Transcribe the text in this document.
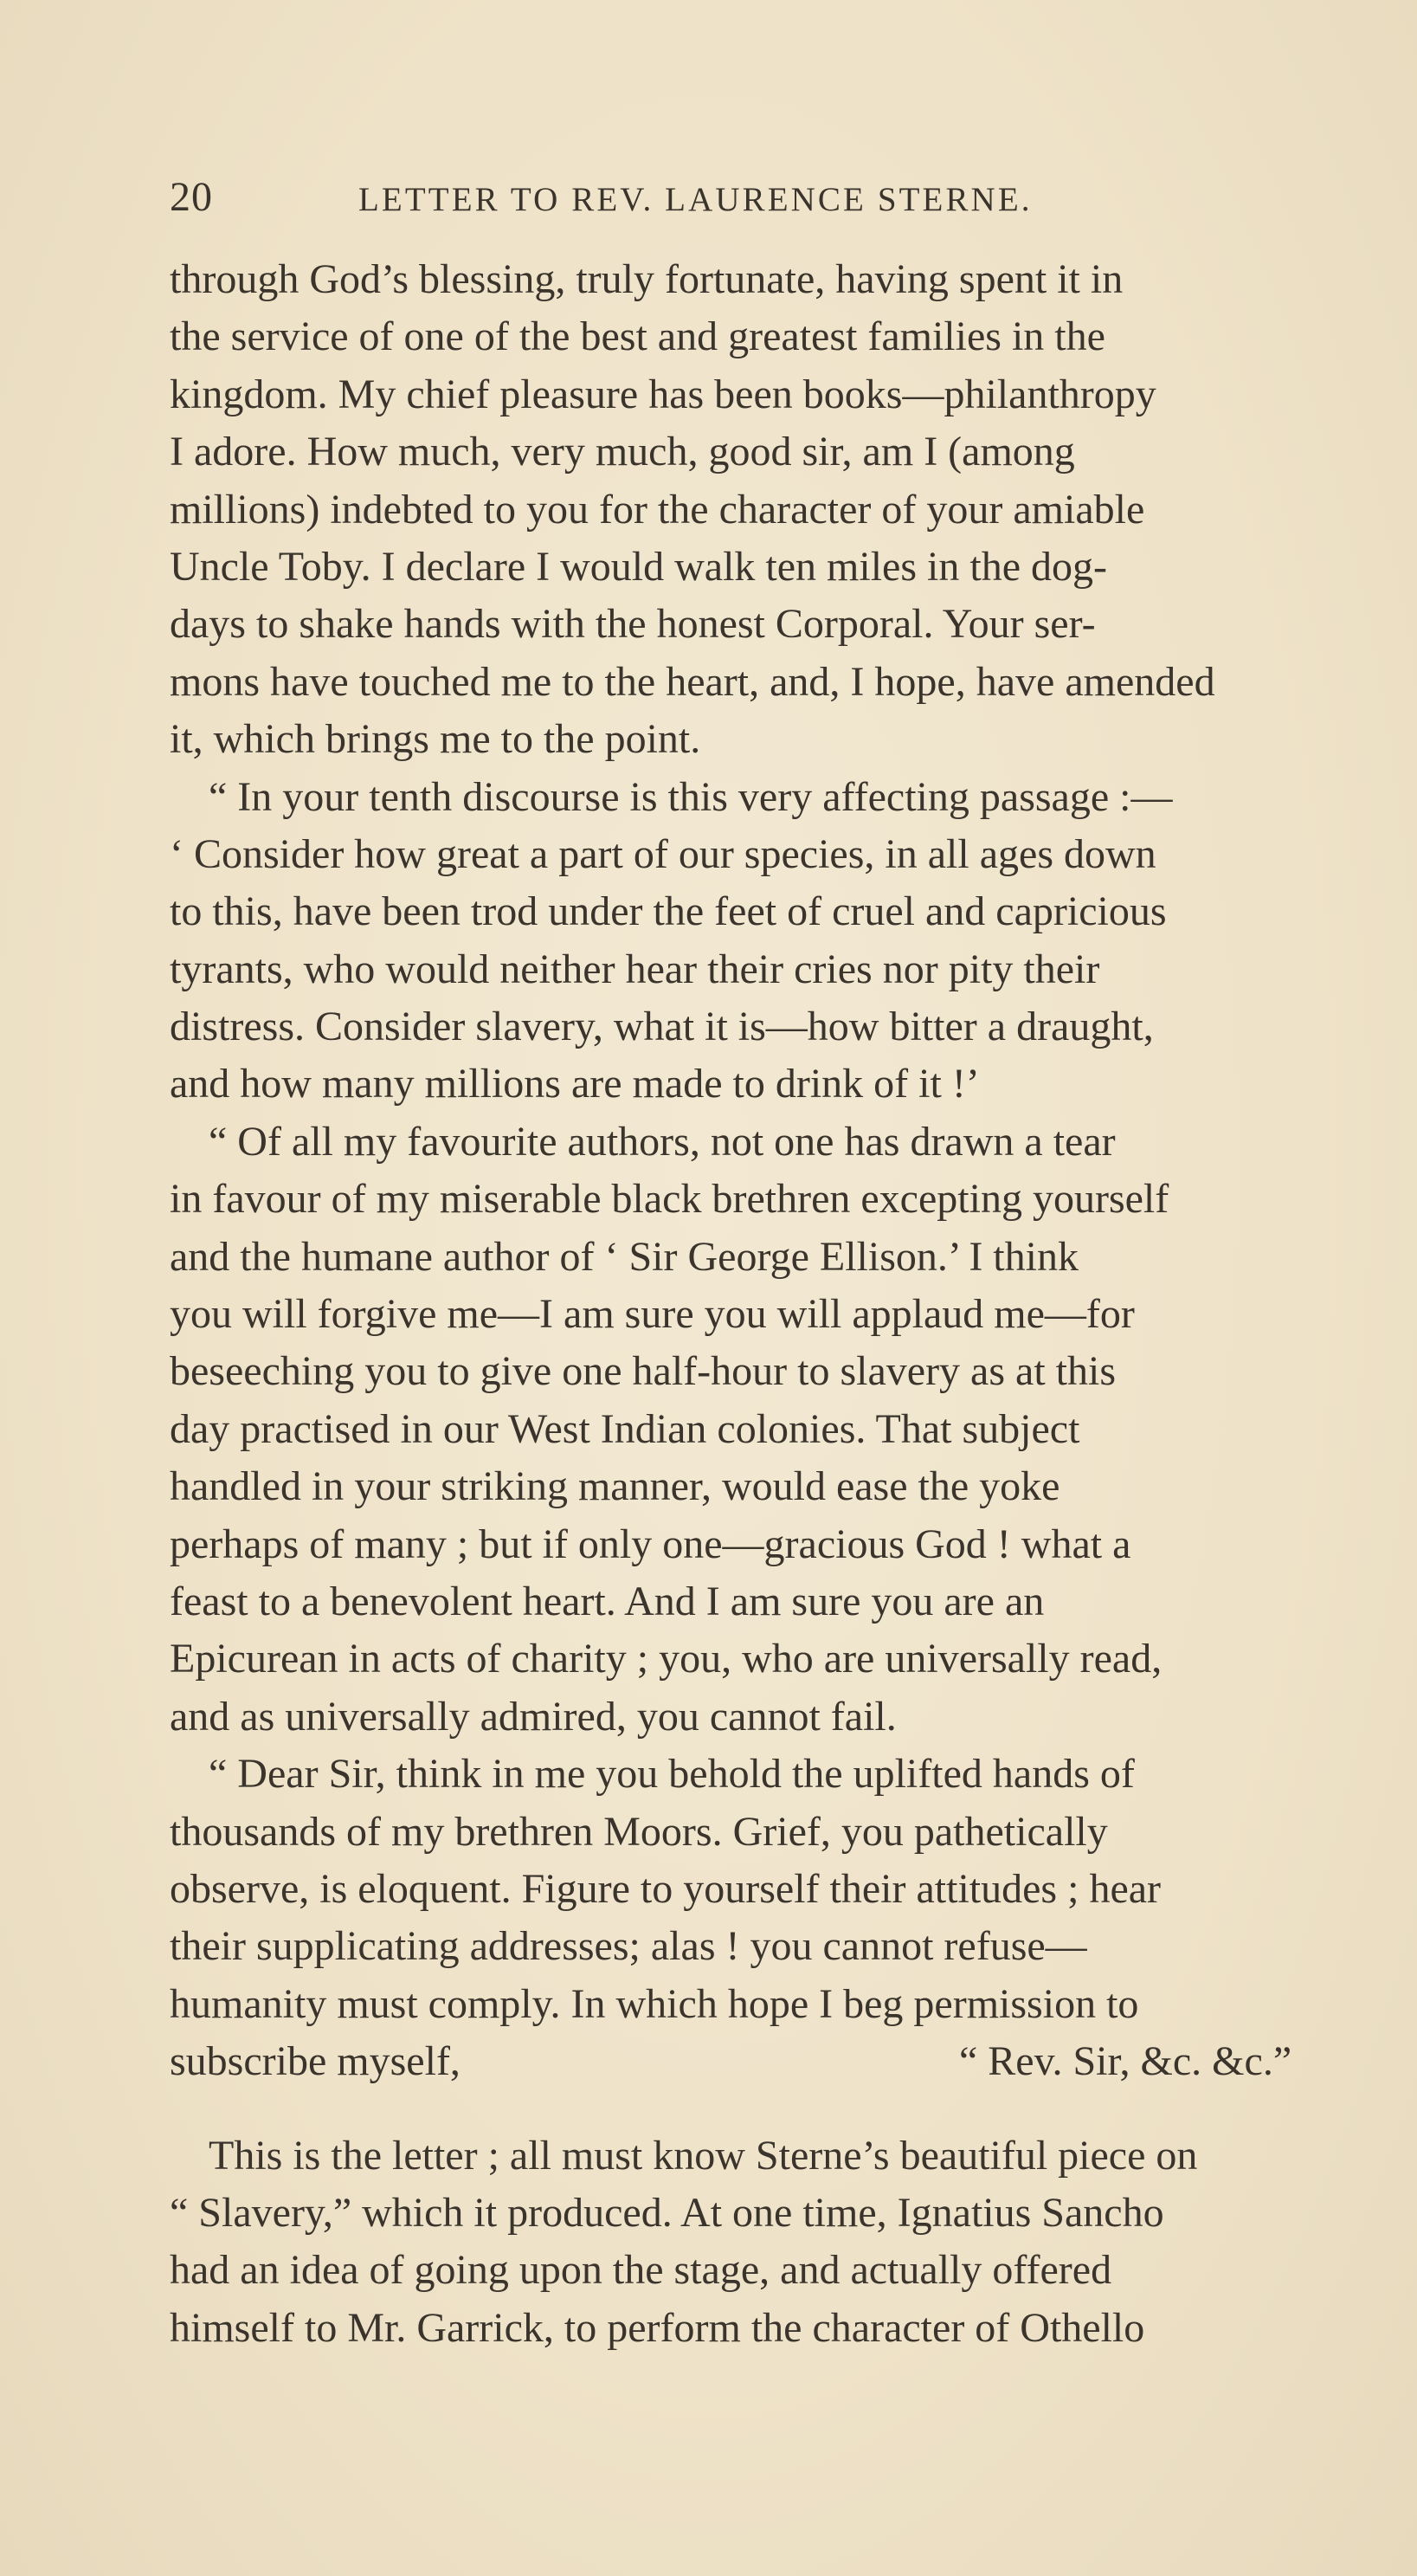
20	LETTER TO REV. LAURENCE STERNE.
through God’s blessing, truly fortunate, having spent it in
the service of one of the best and greatest families in the
kingdom. My chief pleasure has been books—philanthropy
I adore. How much, very much, good sir, am I (among
millions) indebted to you for the character of your amiable
Uncle Toby. I declare I would walk ten miles in the dog-
days to shake hands with the honest Corporal. Your ser-
mons have touched me to the heart, and, I hope, have amended
it, which brings me to the point.
“ In your tenth discourse is this very affecting passage :—
‘ Consider how great a part of our species, in all ages down
to this, have been trod under the feet of cruel and capricious
tyrants, who would neither hear their cries nor pity their
distress. Consider slavery, what it is—how bitter a draught,
and how many millions are made to drink of it !’
“ Of all my favourite authors, not one has drawn a tear
in favour of my miserable black brethren excepting yourself
and the humane author of ‘ Sir George Ellison.’ I think
you will forgive me—I am sure you will applaud me—for
beseeching you to give one half-hour to slavery as at this
day practised in our West Indian colonies. That subject
handled in your striking manner, would ease the yoke
perhaps of many ; but if only one—gracious God ! what a
feast to a benevolent heart. And I am sure you are an
Epicurean in acts of charity ; you, who are universally read,
and as universally admired, you cannot fail.
“ Dear Sir, think in me you behold the uplifted hands of
thousands of my brethren Moors. Grief, you pathetically
observe, is eloquent. Figure to yourself their attitudes ; hear
their supplicating addresses; alas ! you cannot refuse—
humanity must comply. In which hope I beg permission to
subscribe myself,	“ Rev. Sir, &c. &c.”
This is the letter ; all must know Sterne’s beautiful piece on
“ Slavery,” which it produced. At one time, Ignatius Sancho
had an idea of going upon the stage, and actually offered
himself to Mr. Garrick, to perform the character of Othello
